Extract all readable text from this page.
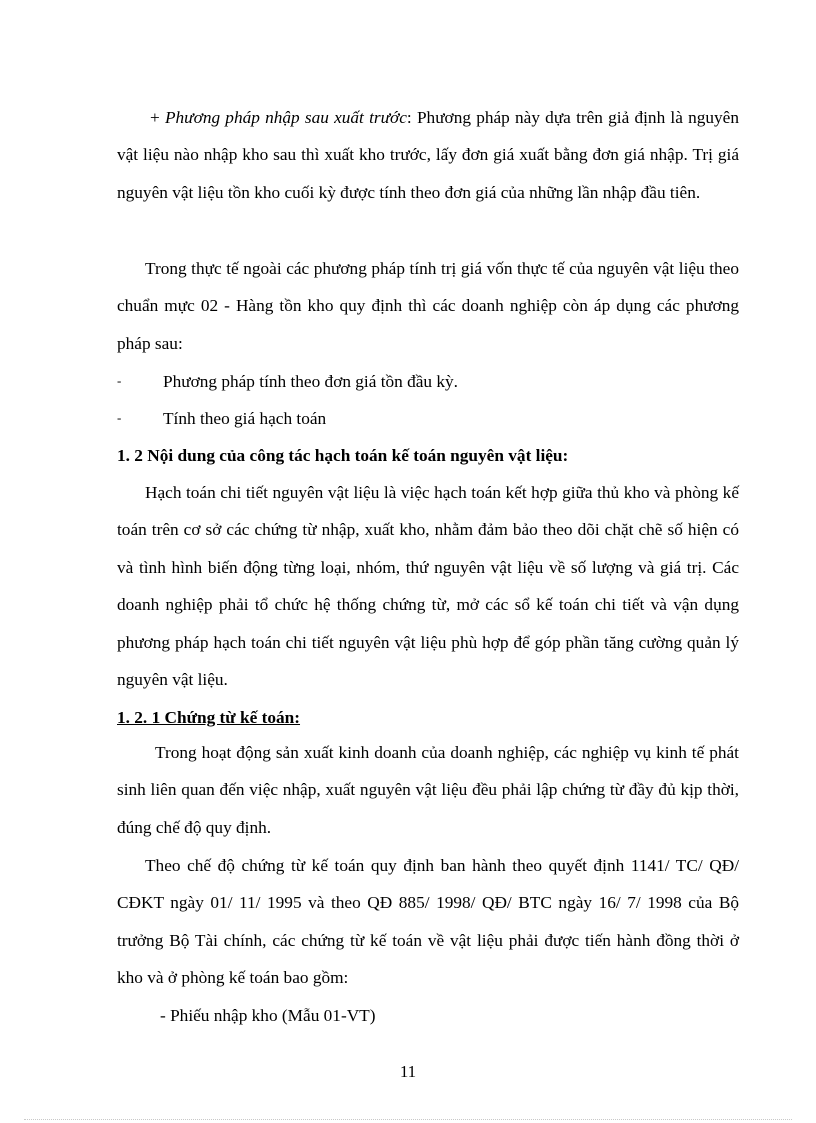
+ Phương pháp nhập sau xuất trước: Phương pháp này dựa trên giả định là nguyên vật liệu nào nhập kho sau thì xuất kho trước, lấy đơn giá xuất bằng đơn giá nhập. Trị giá nguyên vật liệu tồn kho cuối kỳ được tính theo đơn giá của những lần nhập đầu tiên.

Trong thực tế ngoài các phương pháp tính trị giá vốn thực tế của nguyên vật liệu theo chuẩn mực 02 - Hàng tồn kho quy định thì các doanh nghiệp còn áp dụng các phương pháp sau:

- Phương pháp tính theo đơn giá tồn đầu kỳ.

- Tính theo giá hạch toán

1. 2 Nội dung của công tác hạch toán kế toán nguyên vật liệu:

Hạch toán chi tiết nguyên vật liệu là việc hạch toán kết hợp giữa thủ kho và phòng kế toán trên cơ sở các chứng từ nhập, xuất kho, nhằm đảm bảo theo dõi chặt chẽ số hiện có và tình hình biến động từng loại, nhóm, thứ nguyên vật liệu về số lượng và giá trị. Các doanh nghiệp phải tổ chức hệ thống chứng từ, mở các sổ kế toán chi tiết và vận dụng phương pháp hạch toán chi tiết nguyên vật liệu phù hợp để góp phần tăng cường quản lý nguyên vật liệu.

1. 2. 1 Chứng từ kế toán:

Trong hoạt động sản xuất kinh doanh của doanh nghiệp, các nghiệp vụ kinh tế phát sinh liên quan đến việc nhập, xuất nguyên vật liệu đều phải lập chứng từ đầy đủ kịp thời, đúng chế độ quy định.

Theo chế độ chứng từ kế toán quy định ban hành theo quyết định 1141/ TC/ QĐ/ CĐKT ngày 01/ 11/ 1995 và theo QĐ 885/ 1998/ QĐ/ BTC ngày 16/ 7/ 1998 của Bộ trưởng Bộ Tài chính, các chứng từ kế toán về vật liệu phải được tiến hành đồng thời ở kho và ở phòng kế toán bao gồm:

- Phiếu nhập kho (Mẫu 01-VT)

11
